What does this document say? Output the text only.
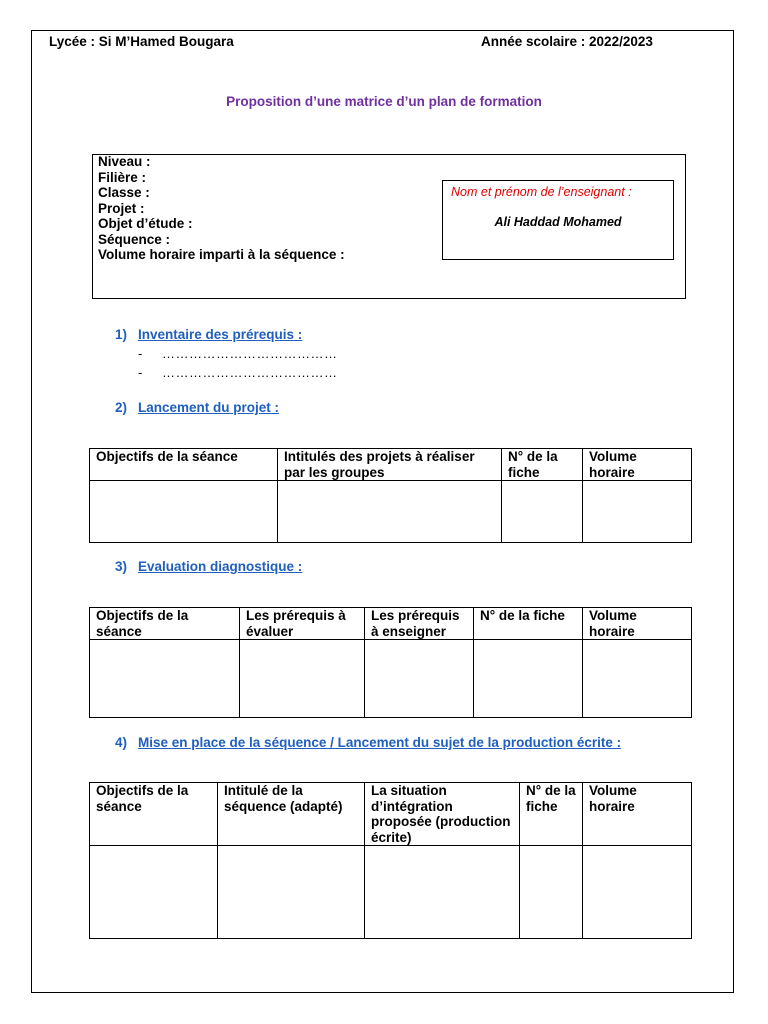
Lycée : Si M’Hamed Bougara	Année scolaire : 2022/2023
Proposition d’une matrice d’un plan de formation
Niveau :
Filière :
Classe :
Projet :
Objet d’étude :
Séquence :
Volume horaire imparti à la séquence :
Nom et prénom de l’enseignant :
Ali Haddad Mohamed
1) Inventaire des prérequis :
- …………………………………
- …………………………………
2) Lancement du projet :
Objectifs de la séance	Intitulés des projets à réaliser par les groupes	N° de la fiche	Volume horaire

3) Evaluation diagnostique :
Objectifs de la séance	Les prérequis à évaluer	Les prérequis à enseigner	N° de la fiche	Volume horaire

4) Mise en place de la séquence / Lancement du sujet de la production écrite :
Objectifs de la séance	Intitulé de la séquence (adapté)	La situation d’intégration proposée (production écrite)	N° de la fiche	Volume horaire
